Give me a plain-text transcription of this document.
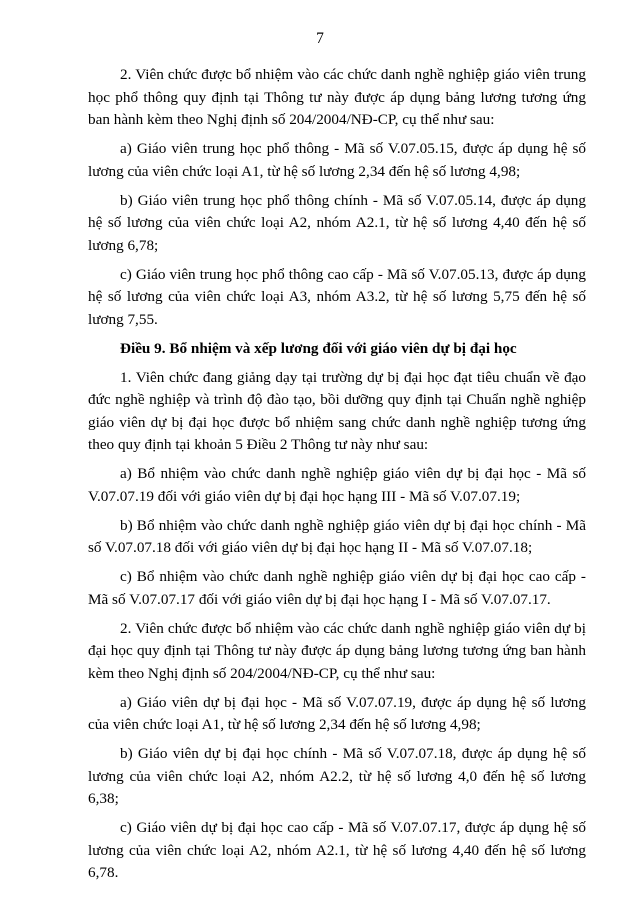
7

2. Viên chức được bổ nhiệm vào các chức danh nghề nghiệp giáo viên trung học phổ thông quy định tại Thông tư này được áp dụng bảng lương tương ứng ban hành kèm theo Nghị định số 204/2004/NĐ-CP, cụ thể như sau:

a) Giáo viên trung học phổ thông - Mã số V.07.05.15, được áp dụng hệ số lương của viên chức loại A1, từ hệ số lương 2,34 đến hệ số lương 4,98;

b) Giáo viên trung học phổ thông chính - Mã số V.07.05.14, được áp dụng hệ số lương của viên chức loại A2, nhóm A2.1, từ hệ số lương 4,40 đến hệ số lương 6,78;

c) Giáo viên trung học phổ thông cao cấp - Mã số V.07.05.13, được áp dụng hệ số lương của viên chức loại A3, nhóm A3.2, từ hệ số lương 5,75 đến hệ số lương 7,55.

Điều 9. Bổ nhiệm và xếp lương đối với giáo viên dự bị đại học

1. Viên chức đang giảng dạy tại trường dự bị đại học đạt tiêu chuẩn về đạo đức nghề nghiệp và trình độ đào tạo, bồi dưỡng quy định tại Chuẩn nghề nghiệp giáo viên dự bị đại học được bổ nhiệm sang chức danh nghề nghiệp tương ứng theo quy định tại khoản 5 Điều 2 Thông tư này như sau:

a) Bổ nhiệm vào chức danh nghề nghiệp giáo viên dự bị đại học - Mã số V.07.07.19 đối với giáo viên dự bị đại học hạng III - Mã số V.07.07.19;

b) Bổ nhiệm vào chức danh nghề nghiệp giáo viên dự bị đại học chính - Mã số V.07.07.18 đối với giáo viên dự bị đại học hạng II - Mã số V.07.07.18;

c) Bổ nhiệm vào chức danh nghề nghiệp giáo viên dự bị đại học cao cấp - Mã số V.07.07.17 đối với giáo viên dự bị đại học hạng I - Mã số V.07.07.17.

2. Viên chức được bổ nhiệm vào các chức danh nghề nghiệp giáo viên dự bị đại học quy định tại Thông tư này được áp dụng bảng lương tương ứng ban hành kèm theo Nghị định số 204/2004/NĐ-CP, cụ thể như sau:

a) Giáo viên dự bị đại học - Mã số V.07.07.19, được áp dụng hệ số lương của viên chức loại A1, từ hệ số lương 2,34 đến hệ số lương 4,98;

b) Giáo viên dự bị đại học chính - Mã số V.07.07.18, được áp dụng hệ số lương của viên chức loại A2, nhóm A2.2, từ hệ số lương 4,0 đến hệ số lương 6,38;

c) Giáo viên dự bị đại học cao cấp - Mã số V.07.07.17, được áp dụng hệ số lương của viên chức loại A2, nhóm A2.1, từ hệ số lương 4,40 đến hệ số lương 6,78.
